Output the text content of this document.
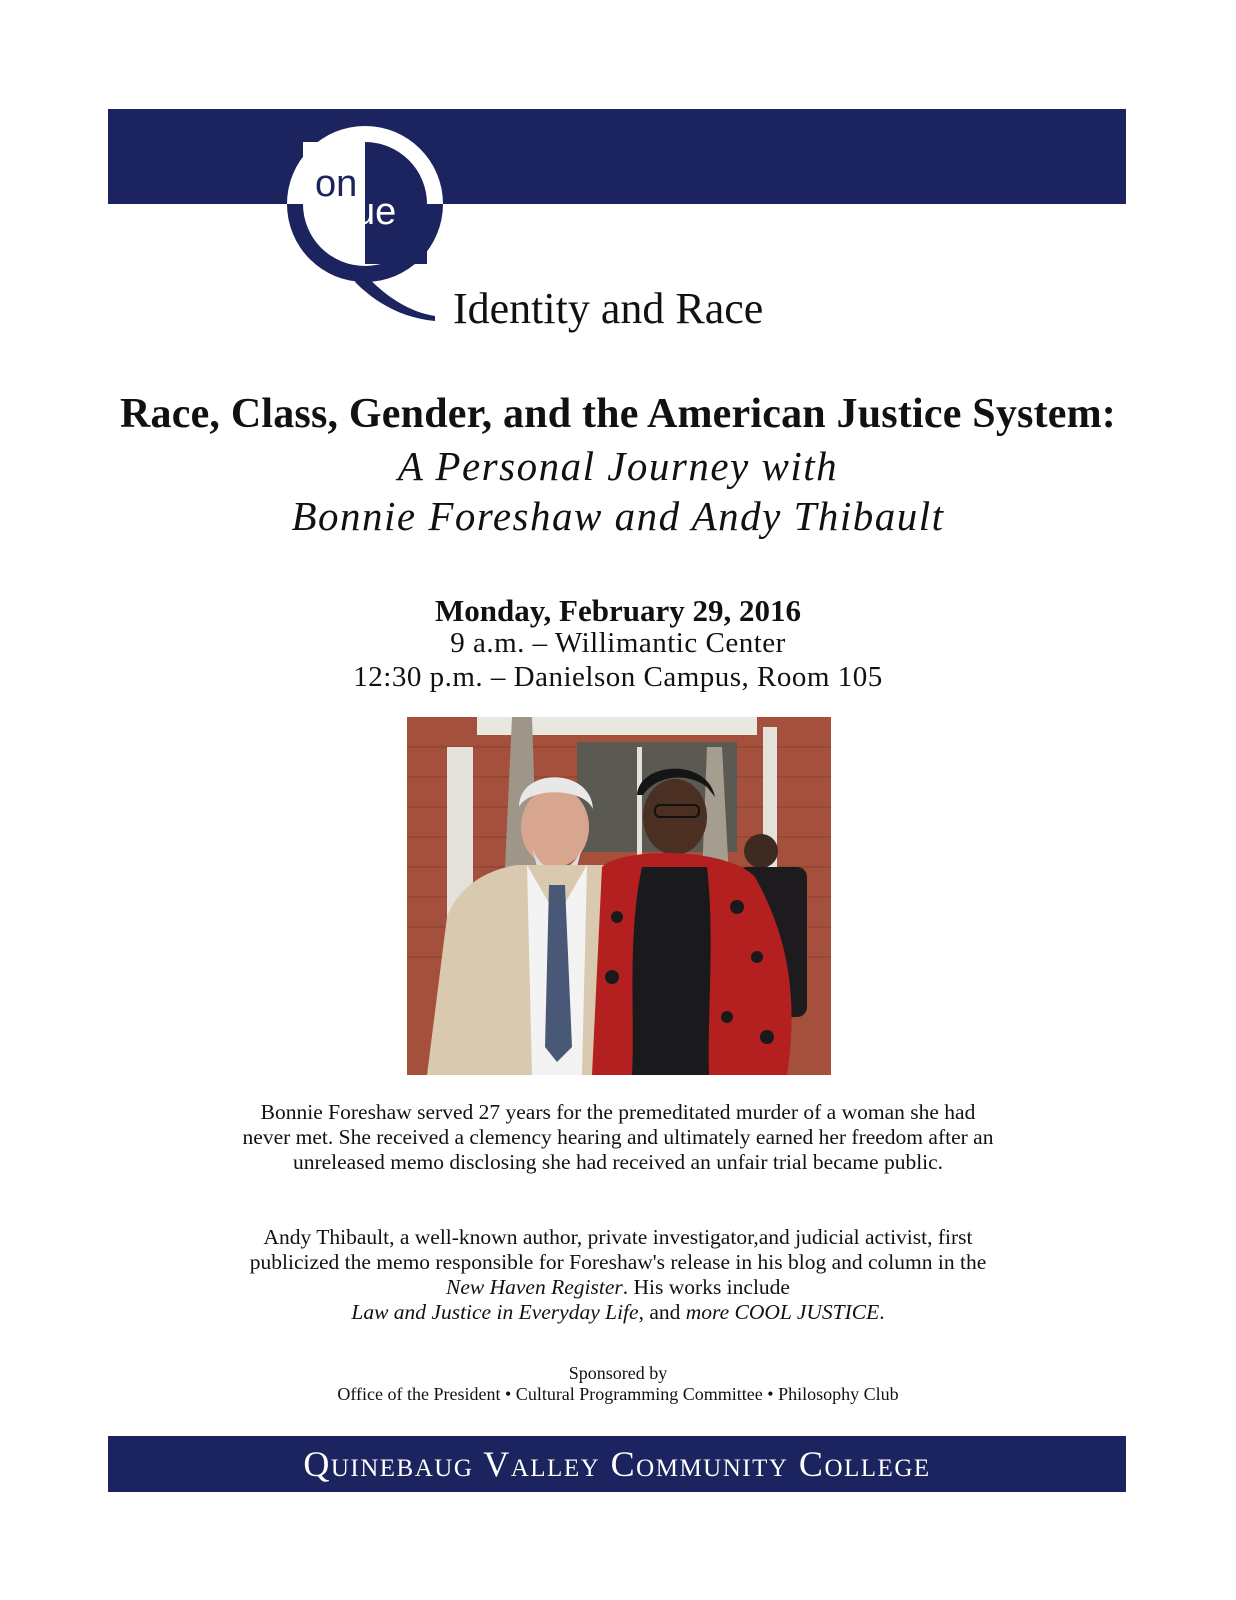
on
cue
Identity and Race
Race, Class, Gender, and the American Justice System:
A Personal Journey with
Bonnie Foreshaw and Andy Thibault
Monday, February 29, 2016
9 a.m. – Willimantic Center
12:30 p.m. – Danielson Campus, Room 105
Bonnie Foreshaw served 27 years for the premeditated murder of a woman she had never met. She received a clemency hearing and ultimately earned her freedom after an unreleased memo disclosing she had received an unfair trial became public.
Andy Thibault, a well-known author, private investigator,and judicial activist, first publicized the memo responsible for Foreshaw's release in his blog and column in the New Haven Register. His works include
Law and Justice in Everyday Life, and more COOL JUSTICE.
Sponsored by
Office of the President • Cultural Programming Committee • Philosophy Club
Quinebaug Valley Community College
